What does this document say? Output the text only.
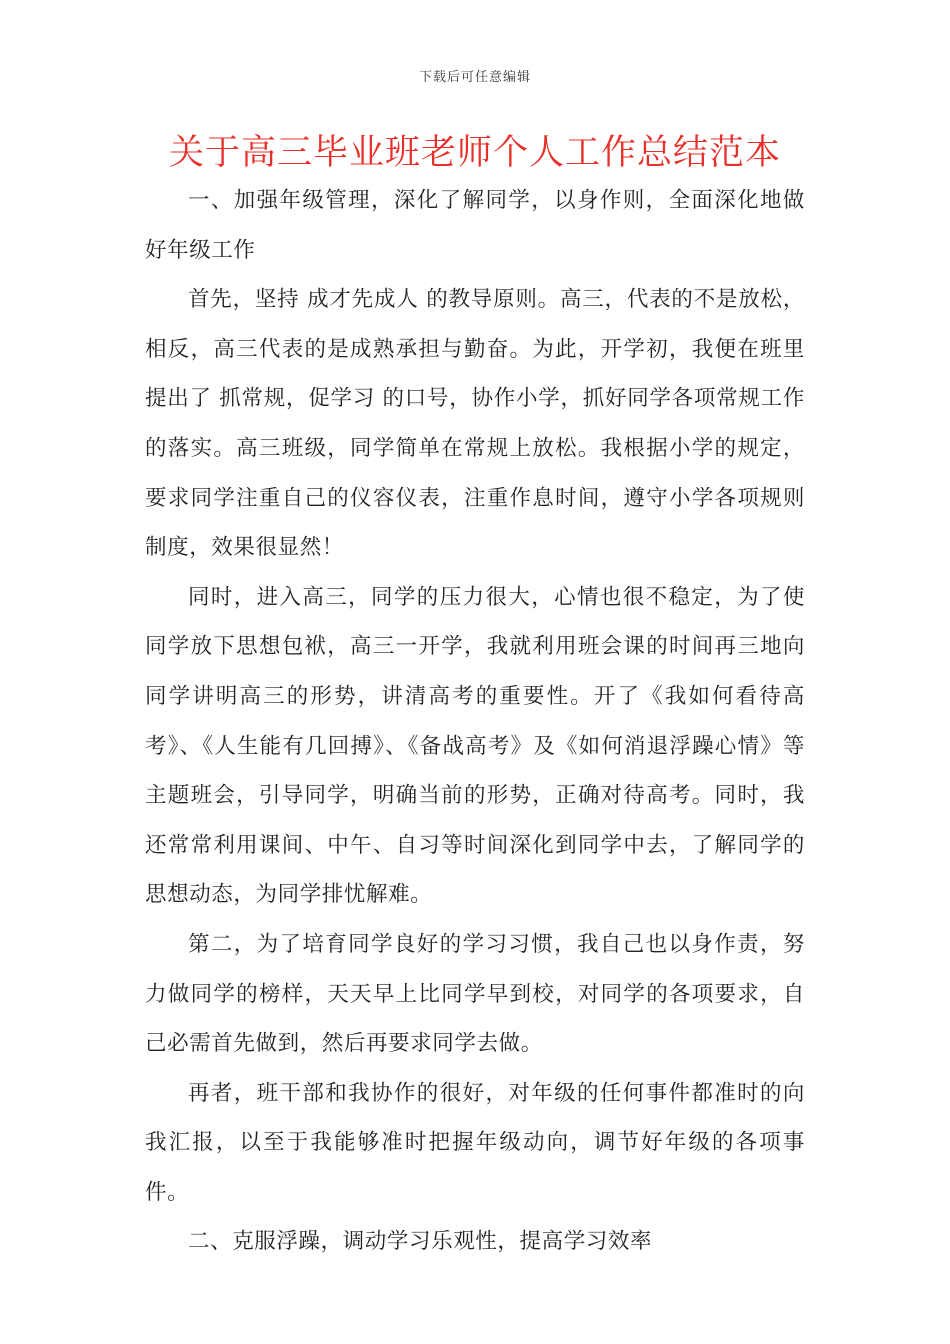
下载后可任意编辑
关于高三毕业班老师个人工作总结范本

一、加强年级管理，深化了解同学，以身作则，全面深化地做好年级工作

首先，坚持 成才先成人 的教导原则。高三，代表的不是放松，相反，高三代表的是成熟承担与勤奋。为此，开学初，我便在班里提出了 抓常规，促学习 的口号，协作小学，抓好同学各项常规工作的落实。高三班级，同学简单在常规上放松。我根据小学的规定，要求同学注重自己的仪容仪表，注重作息时间，遵守小学各项规则制度，效果很显然！

同时，进入高三，同学的压力很大，心情也很不稳定，为了使同学放下思想包袱，高三一开学，我就利用班会课的时间再三地向同学讲明高三的形势，讲清高考的重要性。开了《我如何看待高考》、《人生能有几回搏》、《备战高考》及《如何消退浮躁心情》等主题班会，引导同学，明确当前的形势，正确对待高考。同时，我还常常利用课间、中午、自习等时间深化到同学中去，了解同学的思想动态，为同学排忧解难。

第二，为了培育同学良好的学习习惯，我自己也以身作责，努力做同学的榜样，天天早上比同学早到校，对同学的各项要求，自己必需首先做到，然后再要求同学去做。

再者，班干部和我协作的很好，对年级的任何事件都准时的向我汇报，以至于我能够准时把握年级动向，调节好年级的各项事件。

二、克服浮躁，调动学习乐观性，提高学习效率
